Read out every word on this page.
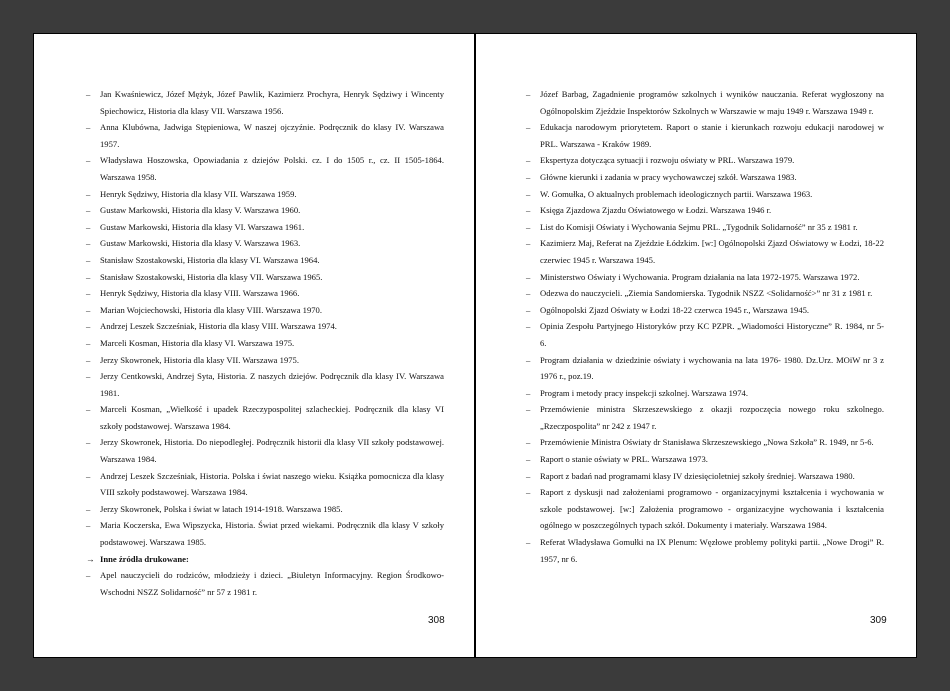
– Jan Kwaśniewicz, Józef Mężyk, Józef Pawlik, Kazimierz Prochyra, Henryk Sędziwy i Wincenty Spiechowicz, Historia dla klasy VII. Warszawa 1956.
– Anna Klubówna, Jadwiga Stępieniowa, W naszej ojczyźnie. Podręcznik do klasy IV. Warszawa 1957.
– Władysława Hoszowska, Opowiadania z dziejów Polski. cz. I do 1505 r., cz. II 1505-1864. Warszawa 1958.
– Henryk Sędziwy, Historia dla klasy VII. Warszawa 1959.
– Gustaw Markowski, Historia dla klasy V. Warszawa 1960.
– Gustaw Markowski, Historia dla klasy VI. Warszawa 1961.
– Gustaw Markowski, Historia dla klasy V. Warszawa 1963.
– Stanisław Szostakowski, Historia dla klasy VI. Warszawa 1964.
– Stanisław Szostakowski, Historia dla klasy VII. Warszawa 1965.
– Henryk Sędziwy, Historia dla klasy VIII. Warszawa 1966.
– Marian Wojciechowski, Historia dla klasy VIII. Warszawa 1970.
– Andrzej Leszek Szcześniak, Historia dla klasy VIII. Warszawa 1974.
– Marceli Kosman, Historia dla klasy VI. Warszawa 1975.
– Jerzy Skowronek, Historia dla klasy VII. Warszawa 1975.
– Jerzy Centkowski, Andrzej Syta, Historia. Z naszych dziejów. Podręcznik dla klasy IV. Warszawa 1981.
– Marceli Kosman, „Wielkość i upadek Rzeczypospolitej szlacheckiej. Podręcznik dla klasy VI szkoły podstawowej. Warszawa 1984.
– Jerzy Skowronek, Historia. Do niepodległej. Podręcznik historii dla klasy VII szkoły podstawowej. Warszawa 1984.
– Andrzej Leszek Szcześniak, Historia. Polska i świat naszego wieku. Książka pomocnicza dla klasy VIII szkoły podstawowej. Warszawa 1984.
– Jerzy Skowronek, Polska i świat w latach 1914-1918. Warszawa 1985.
– Maria Koczerska, Ewa Wipszycka, Historia. Świat przed wiekami. Podręcznik dla klasy V szkoły podstawowej. Warszawa 1985.
→ Inne źródła drukowane:
– Apel nauczycieli do rodziców, młodzieży i dzieci. „Biuletyn Informacyjny. Region Środkowo-Wschodni NSZZ Solidarność” nr 57 z 1981 r.
308
– Józef Barbag, Zagadnienie programów szkolnych i wyników nauczania. Referat wygłoszony na Ogólnopolskim Zjeździe Inspektorów Szkolnych w Warszawie w maju 1949 r. Warszawa 1949 r.
– Edukacja narodowym priorytetem. Raport o stanie i kierunkach rozwoju edukacji narodowej w PRL. Warszawa - Kraków 1989.
– Ekspertyza dotycząca sytuacji i rozwoju oświaty w PRL. Warszawa 1979.
– Główne kierunki i zadania w pracy wychowawczej szkół. Warszawa 1983.
– W. Gomułka, O aktualnych problemach ideologicznych partii. Warszawa 1963.
– Księga Zjazdowa Zjazdu Oświatowego w Łodzi. Warszawa 1946 r.
– List do Komisji Oświaty i Wychowania Sejmu PRL. „Tygodnik Solidarność” nr 35 z 1981 r.
– Kazimierz Maj, Referat na Zjeździe Łódzkim. [w:] Ogólnopolski Zjazd Oświatowy w Łodzi, 18-22 czerwiec 1945 r. Warszawa 1945.
– Ministerstwo Oświaty i Wychowania. Program działania na lata 1972-1975. Warszawa 1972.
– Odezwa do nauczycieli. „Ziemia Sandomierska. Tygodnik NSZZ <Solidarność>” nr 31 z 1981 r.
– Ogólnopolski Zjazd Oświaty w Łodzi 18-22 czerwca 1945 r., Warszawa 1945.
– Opinia Zespołu Partyjnego Historyków przy KC PZPR. „Wiadomości Historyczne” R. 1984, nr 5-6.
– Program działania w dziedzinie oświaty i wychowania na lata 1976- 1980. Dz.Urz. MOiW nr 3 z 1976 r., poz.19.
– Program i metody pracy inspekcji szkolnej. Warszawa 1974.
– Przemówienie ministra Skrzeszewskiego z okazji rozpoczęcia nowego roku szkolnego. „Rzeczpospolita” nr 242 z 1947 r.
– Przemówienie Ministra Oświaty dr Stanisława Skrzeszewskiego „Nowa Szkoła” R. 1949, nr 5-6.
– Raport o stanie oświaty w PRL. Warszawa 1973.
– Raport z badań nad programami klasy IV dziesięcioletniej szkoły średniej. Warszawa 1980.
– Raport z dyskusji nad założeniami programowo - organizacyjnymi kształcenia i wychowania w szkole podstawowej. [w:] Założenia programowo - organizacyjne wychowania i kształcenia ogólnego w poszczególnych typach szkół. Dokumenty i materiały. Warszawa 1984.
– Referat Władysława Gomułki na IX Plenum: Węzłowe problemy polityki partii. „Nowe Drogi” R. 1957, nr 6.
309
